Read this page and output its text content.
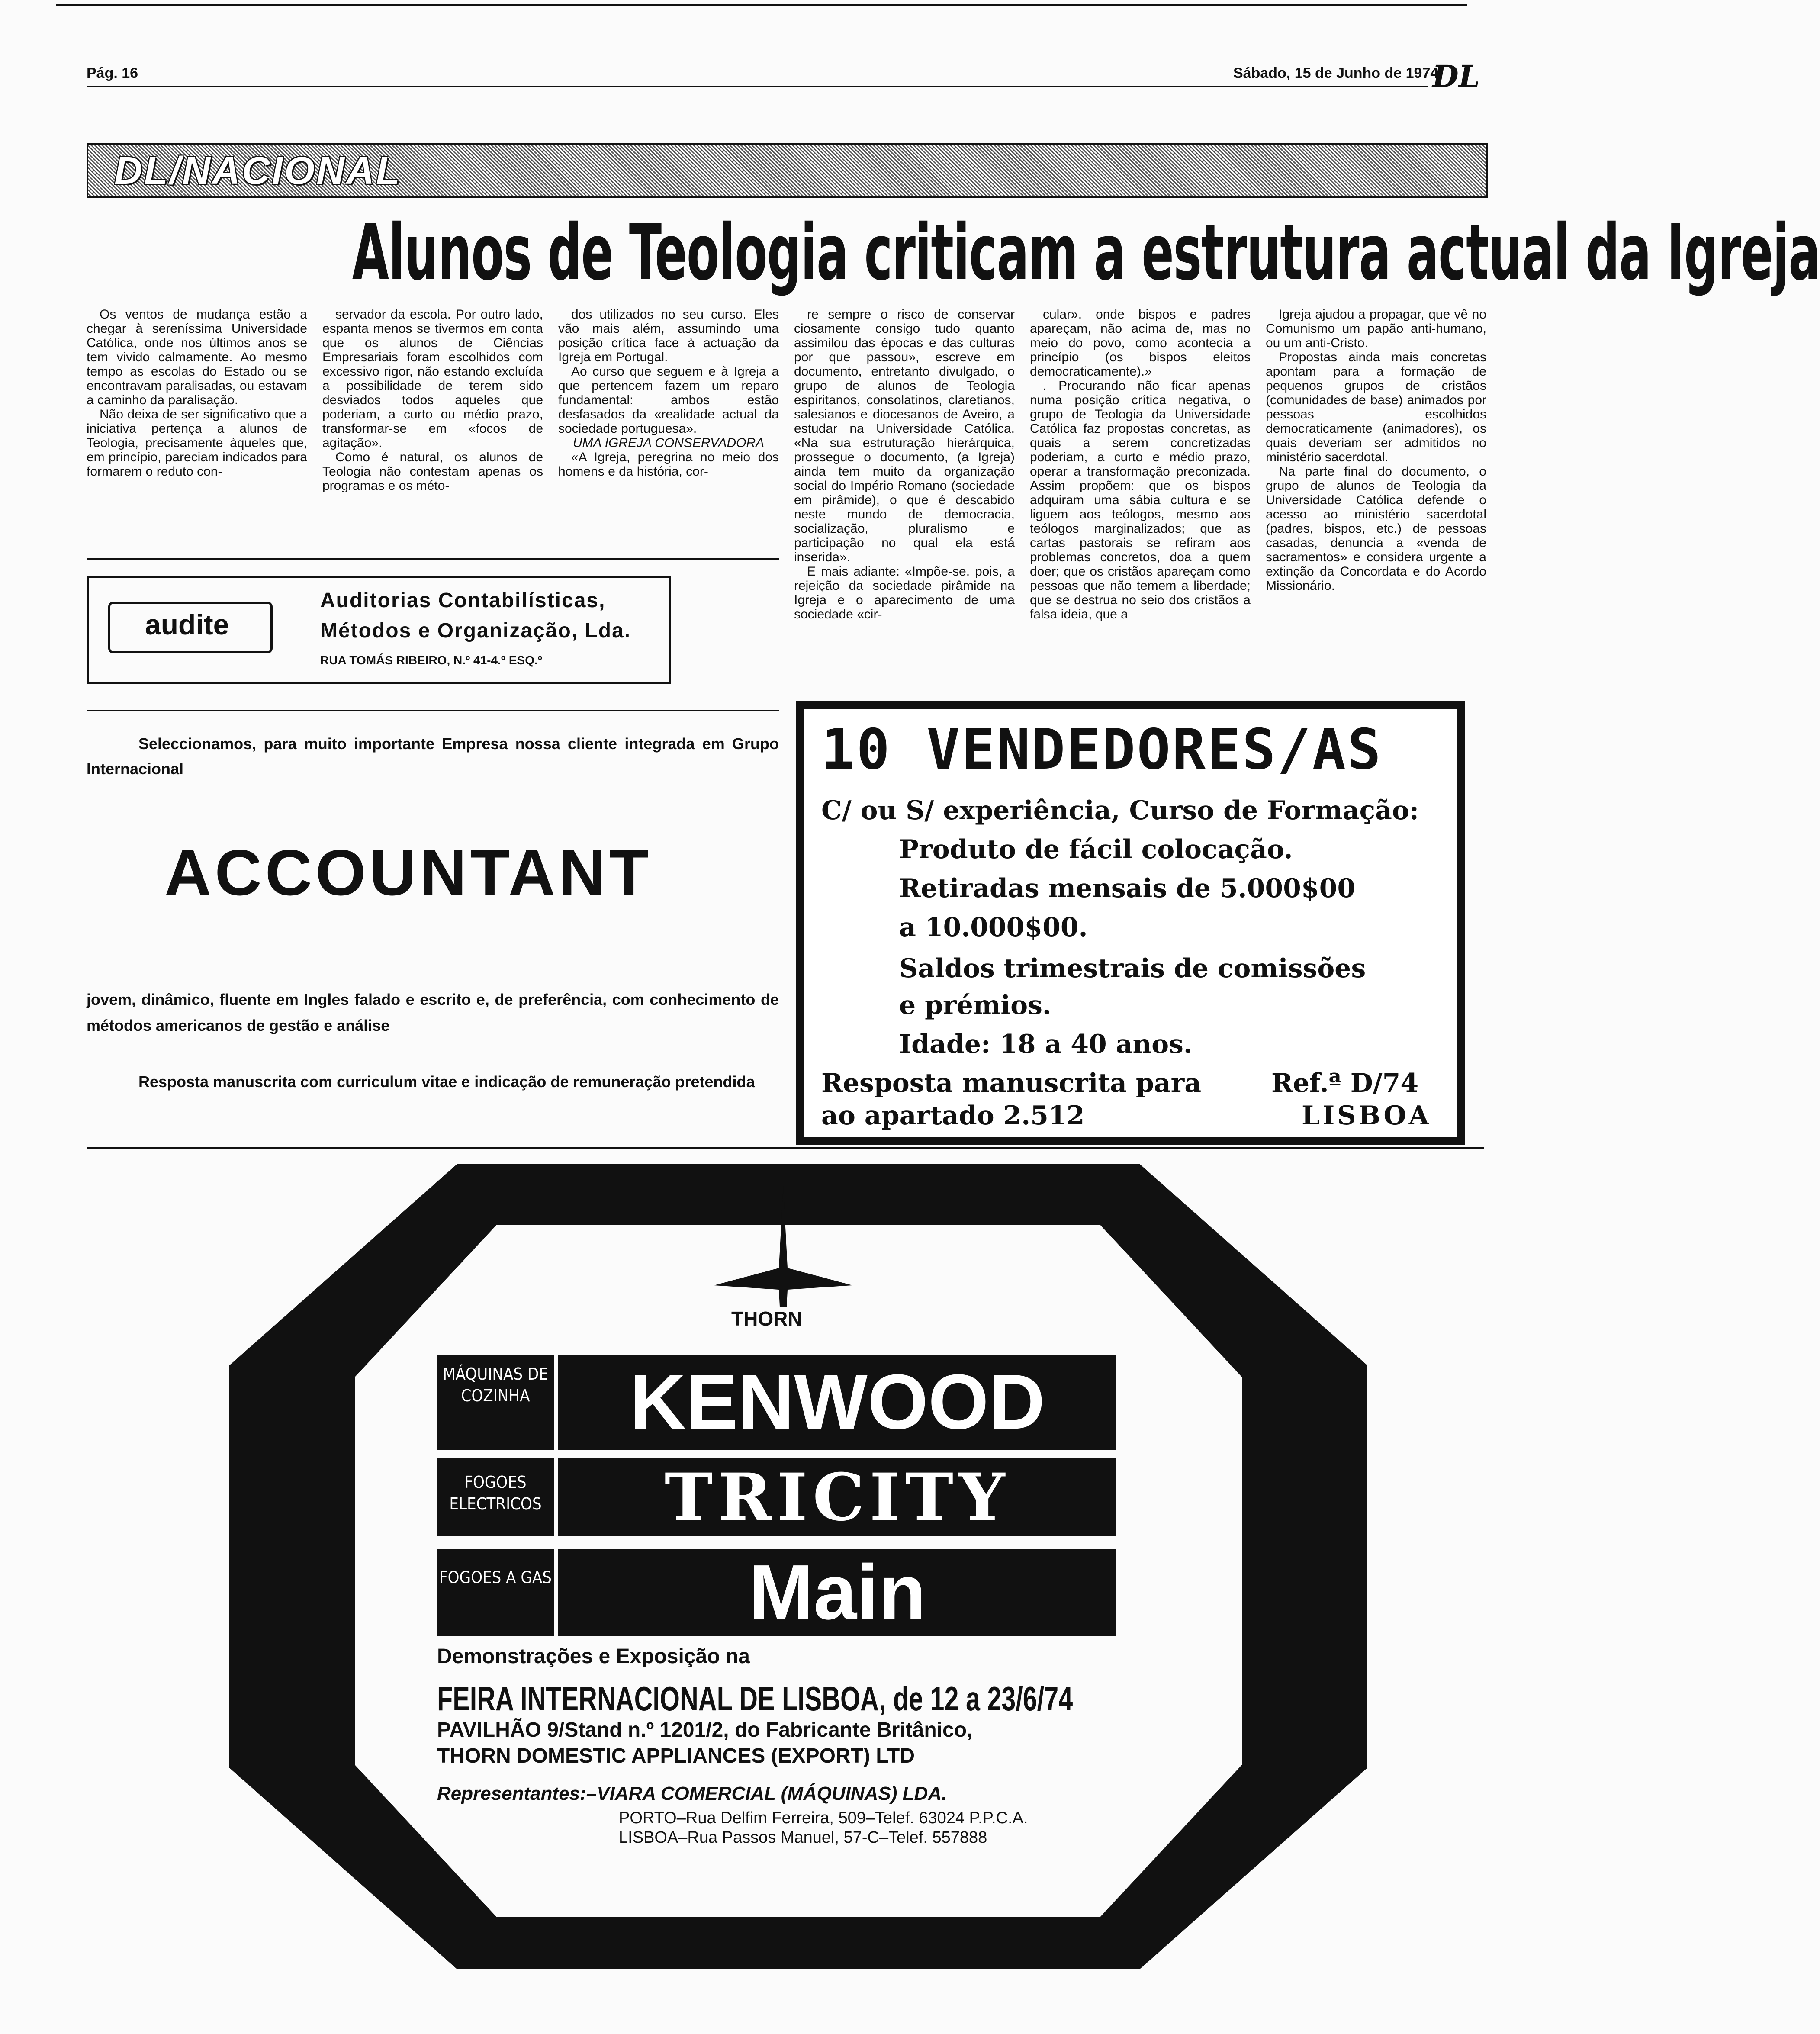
Pág. 16	Sábado, 15 de Junho de 1974
DL
DL/NACIONAL
Alunos de Teologia criticam a estrutura actual da Igreja

Os ventos de mudança estão a chegar à sereníssima Universidade Católica, onde nos últimos anos se tem vivido calmamente. Ao mesmo tempo as escolas do Estado ou se encontravam paralisadas, ou estavam a caminho da paralisação.

Não deixa de ser significativo que a iniciativa pertença a alunos de Teologia, precisamente àqueles que, em princípio, pareciam indicados para formarem o reduto con-

servador da escola. Por outro lado, espanta menos se tivermos em conta que os alunos de Ciências Empresariais foram escolhidos com excessivo rigor, não estando excluída a possibilidade de terem sido desviados todos aqueles que poderiam, a curto ou médio prazo, transformar-se em «focos de agitação».

Como é natural, os alunos de Teologia não contestam apenas os programas e os méto-

dos utilizados no seu curso. Eles vão mais além, assumindo uma posição crítica face à actuação da Igreja em Portugal.

Ao curso que seguem e à Igreja a que pertencem fazem um reparo fundamental: ambos estão desfasados da «realidade actual da sociedade portuguesa».

UMA IGREJA CONSERVADORA

«A Igreja, peregrina no meio dos homens e da história, cor-

re sempre o risco de conservar ciosamente consigo tudo quanto assimilou das épocas e das culturas por que passou», escreve em documento, entretanto divulgado, o grupo de alunos de Teologia espiritanos, consolatinos, claretianos, salesianos e diocesanos de Aveiro, a estudar na Universidade Católica. «Na sua estruturação hierárquica, prossegue o documento, (a Igreja) ainda tem muito da organização social do Império Romano (sociedade em pirâmide), o que é descabido neste mundo de democracia, socialização, pluralismo e participação no qual ela está inserida».

E mais adiante: «Impõe-se, pois, a rejeição da sociedade pirâmide na Igreja e o aparecimento de uma sociedade «cir-

cular», onde bispos e padres apareçam, não acima de, mas no meio do povo, como acontecia a princípio (os bispos eleitos democraticamente).»

. Procurando não ficar apenas numa posição crítica negativa, o grupo de Teologia da Universidade Católica faz propostas concretas, as quais a serem concretizadas poderiam, a curto e médio prazo, operar a transformação preconizada. Assim propõem: que os bispos adquiram uma sábia cultura e se liguem aos teólogos, mesmo aos teólogos marginalizados; que as cartas pastorais se refiram aos problemas concretos, doa a quem doer; que os cristãos apareçam como pessoas que não temem a liberdade; que se destrua no seio dos cristãos a falsa ideia, que a

Igreja ajudou a propagar, que vê no Comunismo um papão anti-humano, ou um anti-Cristo.

Propostas ainda mais concretas apontam para a formação de pequenos grupos de cristãos (comunidades de base) animados por pessoas escolhidos democraticamente (animadores), os quais deveriam ser admitidos no ministério sacerdotal.

Na parte final do documento, o grupo de alunos de Teologia da Universidade Católica defende o acesso ao ministério sacerdotal (padres, bispos, etc.) de pessoas casadas, denuncia a «venda de sacramentos» e considera urgente a extinção da Concordata e do Acordo Missionário.

audite
Auditorias Contabilísticas,
Métodos e Organização, Lda.
RUA TOMÁS RIBEIRO, N.º 41-4.º ESQ.º
Seleccionamos, para muito importante Empresa nossa cliente integrada em Grupo Internacional
ACCOUNTANT
jovem, dinâmico, fluente em Ingles falado e escrito e, de preferência, com conhecimento de métodos americanos de gestão e análise
Resposta manuscrita com curriculum vitae e indicação de remuneração pretendida
10 VENDEDORES/AS
C/ ou S/ experiência, Curso de Formação:
Produto de fácil colocação.
Retiradas mensais de 5.000$00
a 10.000$00.
Saldos trimestrais de comissões
e prémios.
Idade: 18 a 40 anos.
Resposta manuscrita para	Ref.ª D/74
ao apartado 2.512	LISBOA
THORN
MÁQUINAS DE COZINHA	KENWOOD
FOGOES ELECTRICOS	TRICITY
FOGOES A GAS	Main
Demonstrações e Exposição na
FEIRA INTERNACIONAL DE LISBOA, de 12 a 23/6/74
PAVILHÃO 9/Stand n.º 1201/2, do Fabricante Britânico,
THORN DOMESTIC APPLIANCES (EXPORT) LTD
Representantes:–VIARA COMERCIAL (MÁQUINAS) LDA.
PORTO–Rua Delfim Ferreira, 509–Telef. 63024 P.P.C.A.
LISBOA–Rua Passos Manuel, 57-C–Telef. 557888
